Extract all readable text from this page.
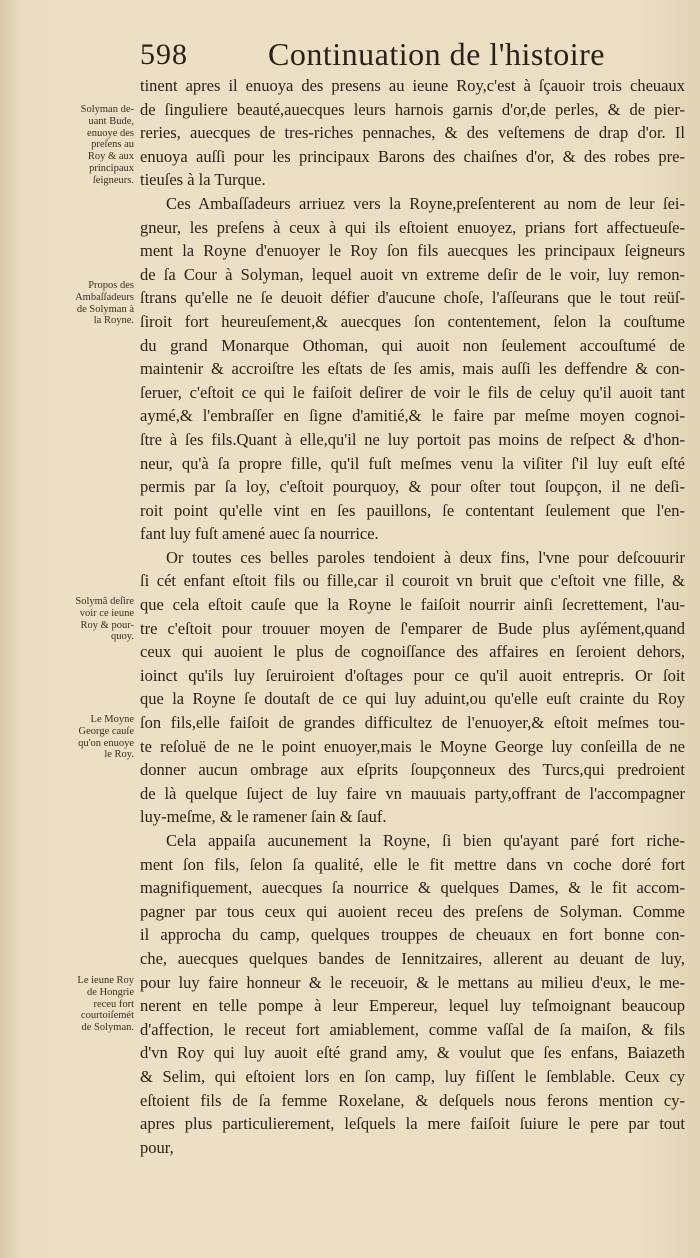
598	Continuation de l'histoire
tinent apres il enuoya des presens au ieune Roy,c'est à ſçauoir trois cheuaux
de ſinguliere beauté,auecques leurs harnois garnis d'or,de perles, & de pier-
reries, auecques de tres-riches pennaches, & des veſtemens de drap d'or. Il
enuoya auſſi pour les principaux Barons des chaiſnes d'or, & des robes pre-
tieuſes à la Turque.
Ces Ambaſſadeurs arriuez vers la Royne,preſenterent au nom de leur ſei-
gneur, les preſens à ceux à qui ils eſtoient enuoyez, prians fort affectueuſe-
ment la Royne d'enuoyer le Roy ſon fils auecques les principaux ſeigneurs
de ſa Cour à Solyman, lequel auoit vn extreme deſir de le voir, luy remon-
ſtrans qu'elle ne ſe deuoit défier d'aucune choſe, l'aſſeurans que le tout reüſ-
ſiroit fort heureuſement,& auecques ſon contentement, ſelon la couſtume
du grand Monarque Othoman, qui auoit non ſeulement accouſtumé de
maintenir & accroiſtre les eſtats de ſes amis, mais auſſi les deffendre & con-
ſeruer, c'eſtoit ce qui le faiſoit deſirer de voir le fils de celuy qu'il auoit tant
aymé,& l'embraſſer en ſigne d'amitié,& le faire par meſme moyen cognoi-
ſtre à ſes fils.Quant à elle,qu'il ne luy portoit pas moins de reſpect & d'hon-
neur, qu'à ſa propre fille, qu'il fuſt meſmes venu la viſiter ſ'il luy euſt eſté
permis par ſa loy, c'eſtoit pourquoy, & pour oſter tout ſoupçon, il ne deſi-
roit point qu'elle vint en ſes pauillons, ſe contentant ſeulement que l'en-
fant luy fuſt amené auec ſa nourrice.
Or toutes ces belles paroles tendoient à deux fins, l'vne pour deſcouurir
ſi cét enfant eſtoit fils ou fille,car il couroit vn bruit que c'eſtoit vne fille, &
que cela eſtoit cauſe que la Royne le faiſoit nourrir ainſi ſecrettement, l'au-
tre c'eſtoit pour trouuer moyen de ſ'emparer de Bude plus ayſément,quand
ceux qui auoient le plus de cognoiſſance des affaires en ſeroient dehors,
ioinct qu'ils luy ſeruiroient d'oſtages pour ce qu'il auoit entrepris. Or ſoit
que la Royne ſe doutaſt de ce qui luy aduint,ou qu'elle euſt crainte du Roy
ſon fils,elle faiſoit de grandes difficultez de l'enuoyer,& eſtoit meſmes tou-
te reſoluë de ne le point enuoyer,mais le Moyne George luy conſeilla de ne
donner aucun ombrage aux eſprits ſoupçonneux des Turcs,qui predroient
de là quelque ſuject de luy faire vn mauuais party,offrant de l'accompagner
luy-meſme, & le ramener ſain & ſauf.
Cela appaiſa aucunement la Royne, ſi bien qu'ayant paré fort riche-
ment ſon fils, ſelon ſa qualité, elle le fit mettre dans vn coche doré fort
magnifiquement, auecques ſa nourrice & quelques Dames, & le fit accom-
pagner par tous ceux qui auoient receu des preſens de Solyman. Comme
il approcha du camp, quelques trouppes de cheuaux en fort bonne con-
che, auecques quelques bandes de Iennitzaires, allerent au deuant de luy,
pour luy faire honneur & le receuoir, & le mettans au milieu d'eux, le me-
nerent en telle pompe à leur Empereur, lequel luy teſmoignant beaucoup
d'affection, le receut fort amiablement, comme vaſſal de ſa maiſon, & fils
d'vn Roy qui luy auoit eſté grand amy, & voulut que ſes enfans, Baiazeth
& Selim, qui eſtoient lors en ſon camp, luy fiſſent le ſemblable. Ceux cy
eſtoient fils de ſa femme Roxelane, & deſquels nous ferons mention cy-
apres plus particulierement, leſquels la mere faiſoit ſuiure le pere par tout
pour,
Solyman de-
uant Bude,
enuoye des
preſens au
Roy & aux
principaux
ſeigneurs.
Propos des
Ambaſſadeurs
de Solyman à
la Royne.
Solymã deſire
voir ce ieune
Roy & pour-
quoy.
Le Moyne
George cauſe
qu'on enuoye
le Roy.
Le ieune Roy
de Hongrie
receu fort
courtoiſemét
de Solyman.
